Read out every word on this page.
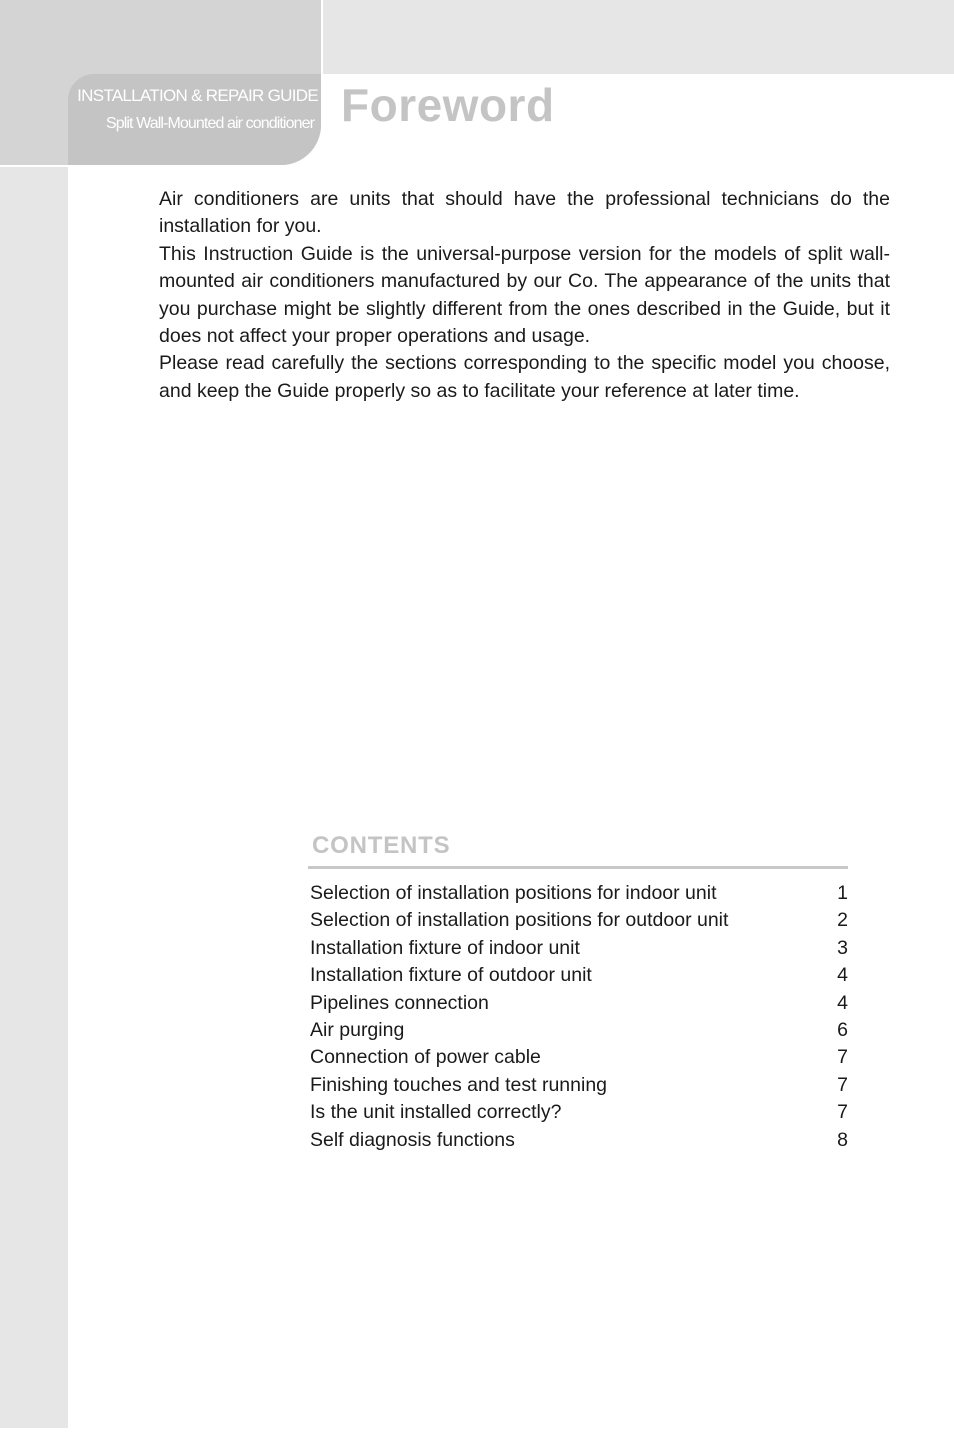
INSTALLATION & REPAIR GUIDE
Split Wall-Mounted air conditioner Foreword

Air conditioners are units that should have the professional technicians do the installation for you.

This Instruction Guide is the universal-purpose version for the models of split wall-mounted air conditioners manufactured by our Co. The appearance of the units that you purchase might be slightly different from the ones described in the Guide, but it does not affect your proper operations and usage.

Please read carefully the sections corresponding to the specific model you choose, and keep the Guide properly so as to facilitate your reference at later time.

CONTENTS
Selection of installation positions for indoor unit	1
Selection of installation positions for outdoor unit	2
Installation fixture of indoor unit	3
Installation fixture of outdoor unit	4
Pipelines connection	4
Air purging	6
Connection of power cable	7
Finishing touches and test running	7
Is the unit installed correctly?	7
Self diagnosis functions	8
